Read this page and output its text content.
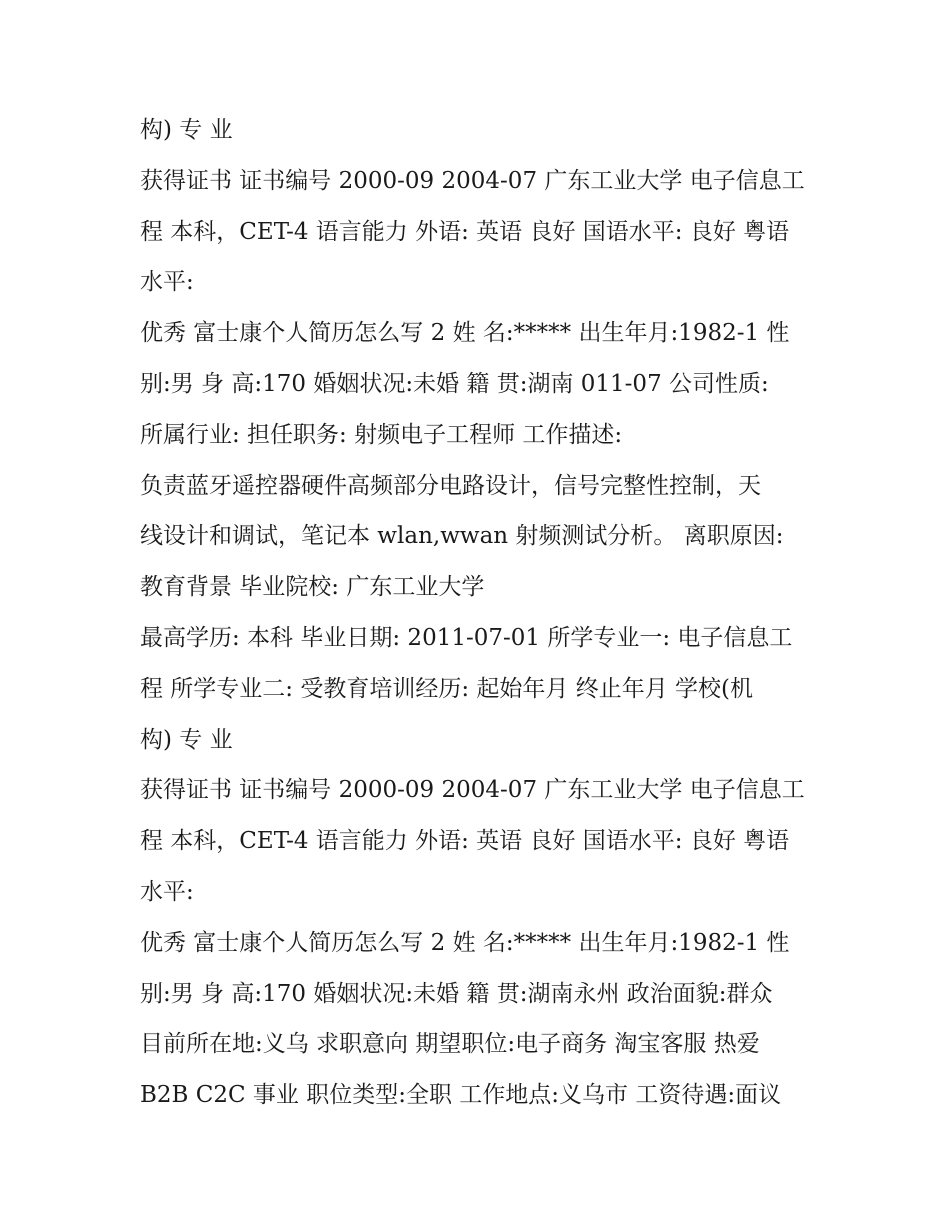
构) 专 业
获得证书 证书编号 2000-09 2004-07 广东工业大学 电子信息工
程 本科，CET-4 语言能力 外语: 英语 良好 国语水平: 良好 粤语
水平:
优秀 富士康个人简历怎么写 2 姓 名:***** 出生年月:1982-1 性
别:男 身 高:170 婚姻状况:未婚 籍 贯:湖南 011-07 公司性质:
所属行业: 担任职务: 射频电子工程师 工作描述:
负责蓝牙遥控器硬件高频部分电路设计，信号完整性控制，天
线设计和调试，笔记本 wlan,wwan 射频测试分析。 离职原因:
教育背景 毕业院校: 广东工业大学
最高学历: 本科 毕业日期: 2011-07-01 所学专业一: 电子信息工
程 所学专业二: 受教育培训经历: 起始年月 终止年月 学校(机
构) 专 业
获得证书 证书编号 2000-09 2004-07 广东工业大学 电子信息工
程 本科，CET-4 语言能力 外语: 英语 良好 国语水平: 良好 粤语
水平:
优秀 富士康个人简历怎么写 2 姓 名:***** 出生年月:1982-1 性
别:男 身 高:170 婚姻状况:未婚 籍 贯:湖南永州 政治面貌:群众
目前所在地:义乌 求职意向 期望职位:电子商务 淘宝客服 热爱
B2B C2C 事业 职位类型:全职 工作地点:义乌市 工资待遇:面议
